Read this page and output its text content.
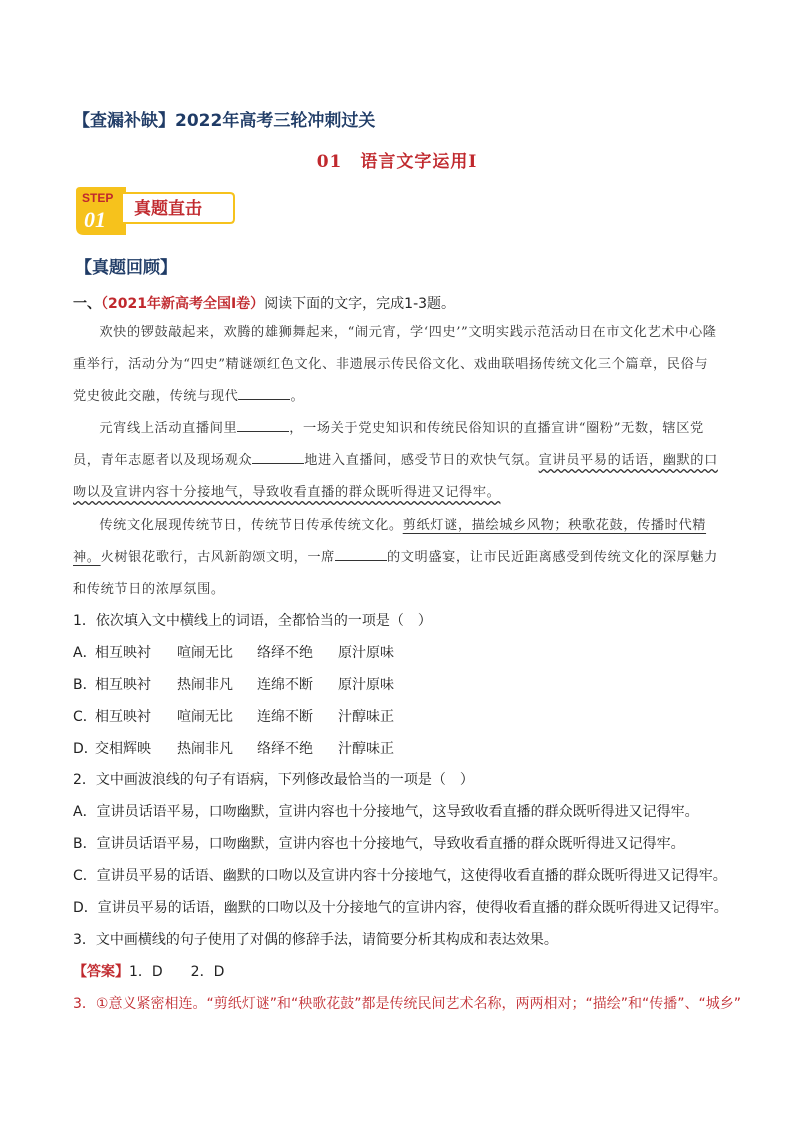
【查漏补缺】2022年高考三轮冲刺过关
01　语言文字运用Ⅰ
STEP
01 真题直击
【真题回顾】
一、（2021年新高考全国Ⅰ卷）阅读下面的文字，完成1-3题。

欢快的锣鼓敲起来，欢腾的雄狮舞起来，“闹元宵，学‘四史’”文明实践示范活动日在市文化艺术中心隆重举行，活动分为“四史”精谜颂红色文化、非遗展示传民俗文化、戏曲联唱扬传统文化三个篇章，民俗与党史彼此交融，传统与现代	。

元宵线上活动直播间里	，一场关于党史知识和传统民俗知识的直播宣讲“圈粉”无数，辖区党员，青年志愿者以及现场观众	地进入直播间，感受节日的欢快气氛。宣讲员平易的话语，幽默的口吻以及宣讲内容十分接地气，导致收看直播的群众既听得进又记得牢。

传统文化展现传统节日，传统节日传承传统文化。剪纸灯谜，描绘城乡风物；秧歌花鼓，传播时代精神。火树银花歌行，古风新韵颂文明，一席	的文明盛宴，让市民近距离感受到传统文化的深厚魅力和传统节日的浓厚氛围。

1．依次填入文中横线上的词语，全都恰当的一项是（　）
A．相互映衬 喧闹无比 络绎不绝 原汁原味
B．相互映衬 热闹非凡 连绵不断 原汁原味
C．相互映衬 喧闹无比 连绵不断 汁醇味正
D．交相辉映 热闹非凡 络绎不绝 汁醇味正
2．文中画波浪线的句子有语病，下列修改最恰当的一项是（　）
A．宣讲员话语平易，口吻幽默，宣讲内容也十分接地气，这导致收看直播的群众既听得进又记得牢。
B．宣讲员话语平易，口吻幽默，宣讲内容也十分接地气，导致收看直播的群众既听得进又记得牢。
C．宣讲员平易的话语、幽默的口吻以及宣讲内容十分接地气，这使得收看直播的群众既听得进又记得牢。
D．宣讲员平易的话语，幽默的口吻以及十分接地气的宣讲内容，使得收看直播的群众既听得进又记得牢。
3．文中画横线的句子使用了对偶的修辞手法，请简要分析其构成和表达效果。
【答案】1．D　　2．D
3．①意义紧密相连。“剪纸灯谜”和“秧歌花鼓”都是传统民间艺术名称，两两相对；“描绘”和“传播”、“城乡”
